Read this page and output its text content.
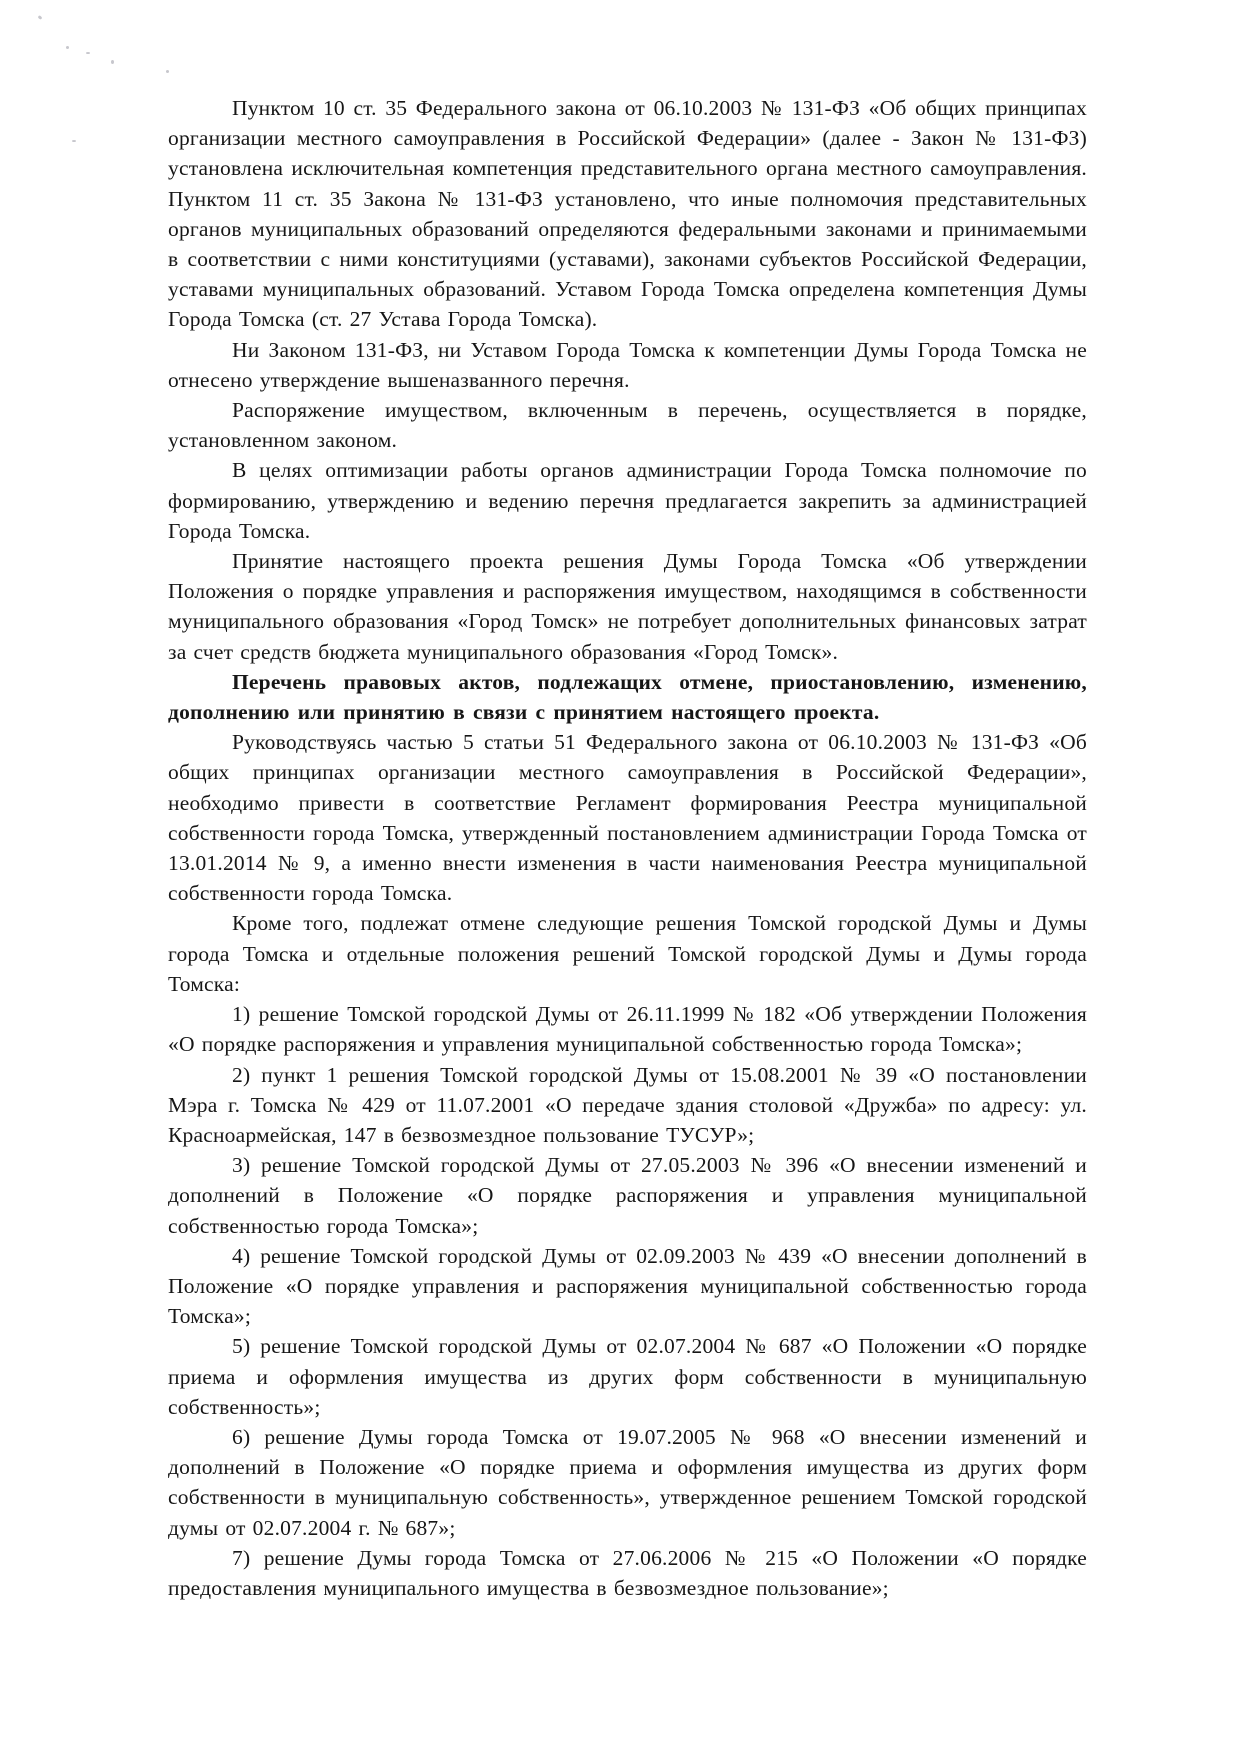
Пунктом 10 ст. 35 Федерального закона от 06.10.2003 № 131-ФЗ «Об общих принципах организации местного самоуправления в Российской Федерации» (далее - Закон № 131-ФЗ) установлена исключительная компетенция представительного органа местного самоуправления. Пунктом 11 ст. 35 Закона № 131-ФЗ установлено, что иные полномочия представительных органов муниципальных образований определяются федеральными законами и принимаемыми в соответствии с ними конституциями (уставами), законами субъектов Российской Федерации, уставами муниципальных образований. Уставом Города Томска определена компетенция Думы Города Томска (ст. 27 Устава Города Томска).

Ни Законом 131-ФЗ, ни Уставом Города Томска к компетенции Думы Города Томска не отнесено утверждение вышеназванного перечня.

Распоряжение имуществом, включенным в перечень, осуществляется в порядке, установленном законом.

В целях оптимизации работы органов администрации Города Томска полномочие по формированию, утверждению и ведению перечня предлагается закрепить за администрацией Города Томска.

Принятие настоящего проекта решения Думы Города Томска «Об утверждении Положения о порядке управления и распоряжения имуществом, находящимся в собственности муниципального образования «Город Томск» не потребует дополнительных финансовых затрат за счет средств бюджета муниципального образования «Город Томск».

Перечень правовых актов, подлежащих отмене, приостановлению, изменению, дополнению или принятию в связи с принятием настоящего проекта.

Руководствуясь частью 5 статьи 51 Федерального закона от 06.10.2003 № 131-ФЗ «Об общих принципах организации местного самоуправления в Российской Федерации», необходимо привести в соответствие Регламент формирования Реестра муниципальной собственности города Томска, утвержденный постановлением администрации Города Томска от 13.01.2014 № 9, а именно внести изменения в части наименования Реестра муниципальной собственности города Томска.

Кроме того, подлежат отмене следующие решения Томской городской Думы и Думы города Томска и отдельные положения решений Томской городской Думы и Думы города Томска:

1) решение Томской городской Думы от 26.11.1999 № 182 «Об утверждении Положения «О порядке распоряжения и управления муниципальной собственностью города Томска»;

2) пункт 1 решения Томской городской Думы от 15.08.2001 № 39 «О постановлении Мэра г. Томска № 429 от 11.07.2001 «О передаче здания столовой «Дружба» по адресу: ул. Красноармейская, 147 в безвозмездное пользование ТУСУР»;

3) решение Томской городской Думы от 27.05.2003 № 396 «О внесении изменений и дополнений в Положение «О порядке распоряжения и управления муниципальной собственностью города Томска»;

4) решение Томской городской Думы от 02.09.2003 № 439 «О внесении дополнений в Положение «О порядке управления и распоряжения муниципальной собственностью города Томска»;

5) решение Томской городской Думы от 02.07.2004 № 687 «О Положении «О порядке приема и оформления имущества из других форм собственности в муниципальную собственность»;

6) решение Думы города Томска от 19.07.2005 № 968 «О внесении изменений и дополнений в Положение «О порядке приема и оформления имущества из других форм собственности в муниципальную собственность», утвержденное решением Томской городской думы от 02.07.2004 г. № 687»;

7) решение Думы города Томска от 27.06.2006 № 215 «О Положении «О порядке предоставления муниципального имущества в безвозмездное пользование»;
